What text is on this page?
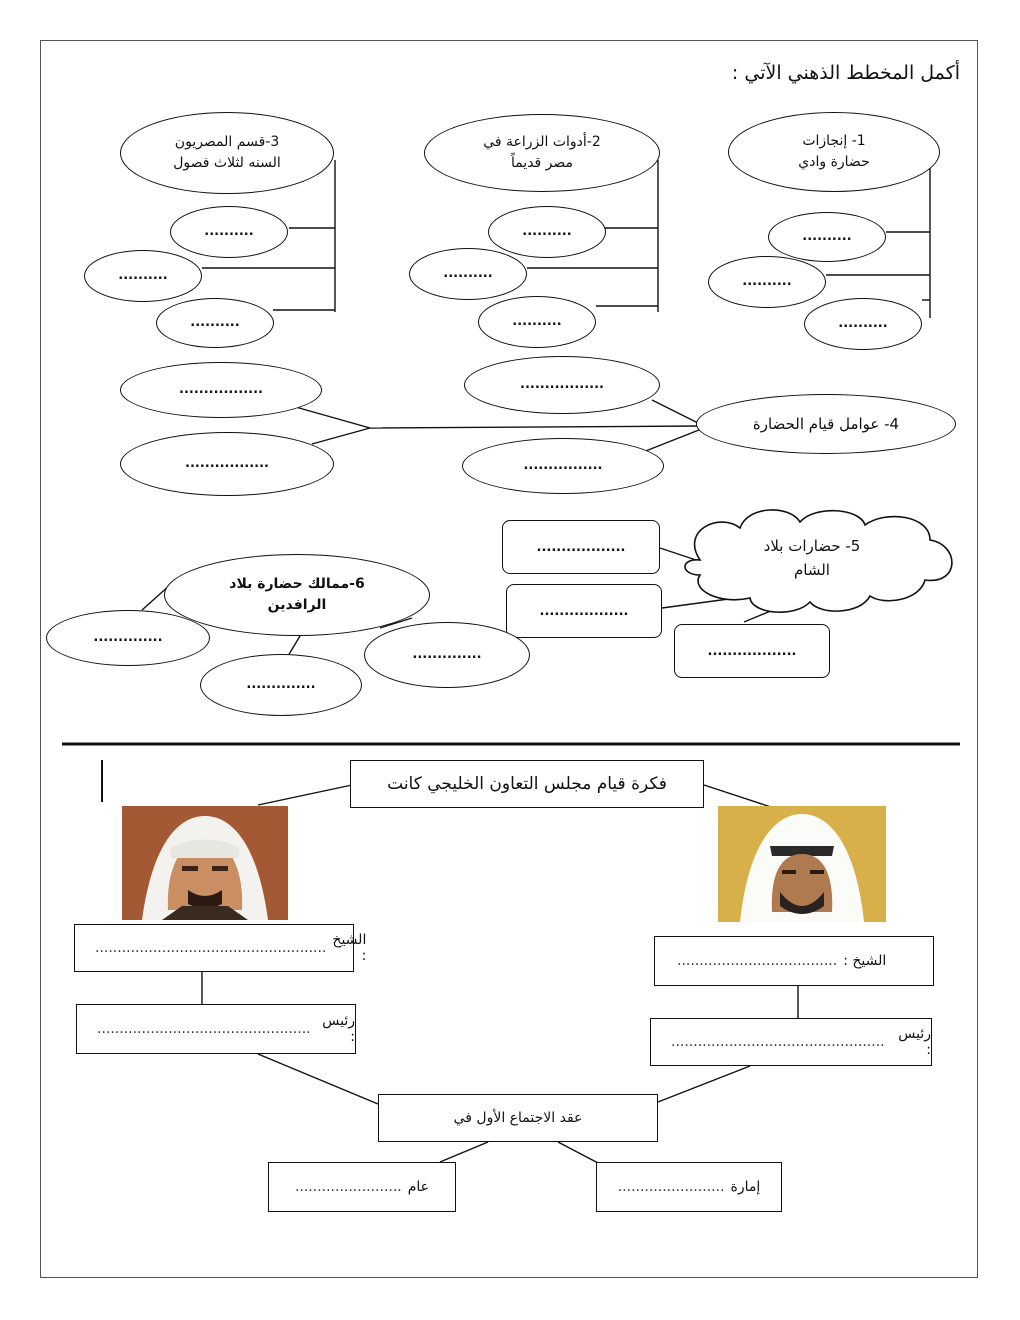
أكمل المخطط الذهني الآتي :
1- إنجازات
حضارة وادي
..........
..........
..........
2-أدوات الزراعة في
مصر قديماً
..........
..........
..........
3-قسم المصريون
السنه لثلاث فصول
..........
..........
..........
4- عوامل قيام الحضارة
.................
................
.................
.................
5- حضارات بلاد
الشام
..................
..................
..................
6-ممالك حضارة بلاد
الرافدين
..............
..............
..............
فكرة قيام مجلس التعاون الخليجي كانت
.................................................... الشيخ :
................................................ رئيس :
.................................... الشيخ :
................................................ رئيس :
عقد الاجتماع الأول في
........................ عام	........................ إمارة
